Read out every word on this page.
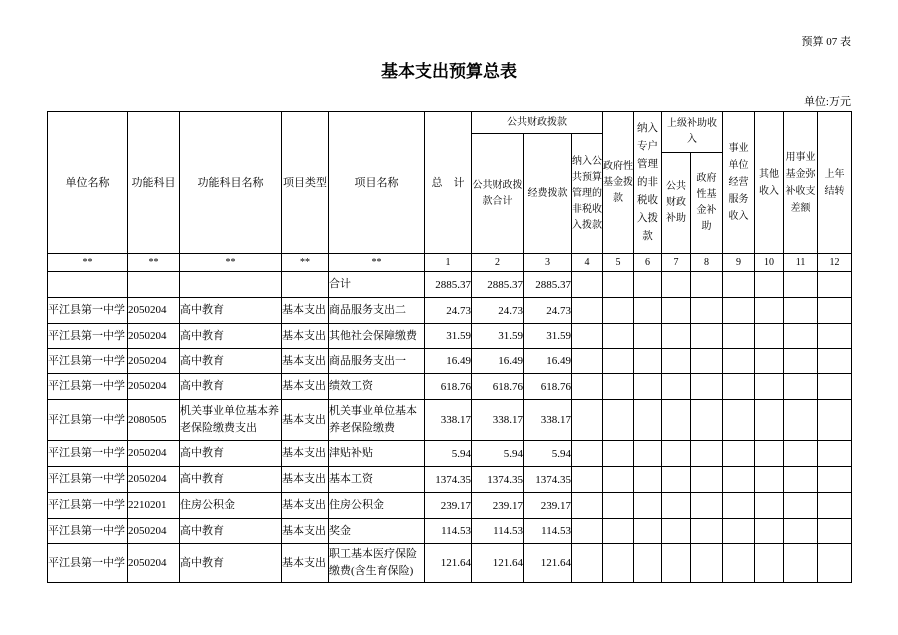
预算 07 表
基本支出预算总表
单位:万元
单位名称	功能科目	功能科目名称	项目类型	项目名称	总　计	公共财政拨款			政府性基金拨款	纳入专户管理的非税收入拨款	上级补助收入		事业单位经营服务收入	其他收入	用事业基金弥补收支差额	上年结转
						公共财政拨款合计	经费拨款	纳入公共预算管理的非税收入拨款								
											公共财政补助	政府性基金补助				
**	**	**	**	**	1	2	3	4	5	6	7	8	9	10	11	12
				合计	2885.37	2885.37	2885.37									
平江县第一中学	2050204	高中教育	基本支出	商品服务支出二	24.73	24.73	24.73									
平江县第一中学	2050204	高中教育	基本支出	其他社会保障缴费	31.59	31.59	31.59									
平江县第一中学	2050204	高中教育	基本支出	商品服务支出一	16.49	16.49	16.49									
平江县第一中学	2050204	高中教育	基本支出	绩效工资	618.76	618.76	618.76									
平江县第一中学	2080505	机关事业单位基本养老保险缴费支出	基本支出	机关事业单位基本养老保险缴费	338.17	338.17	338.17									
平江县第一中学	2050204	高中教育	基本支出	津贴补贴	5.94	5.94	5.94									
平江县第一中学	2050204	高中教育	基本支出	基本工资	1374.35	1374.35	1374.35									
平江县第一中学	2210201	住房公积金	基本支出	住房公积金	239.17	239.17	239.17									
平江县第一中学	2050204	高中教育	基本支出	奖金	114.53	114.53	114.53									
平江县第一中学	2050204	高中教育	基本支出	职工基本医疗保险缴费(含生育保险)	121.64	121.64	121.64									
